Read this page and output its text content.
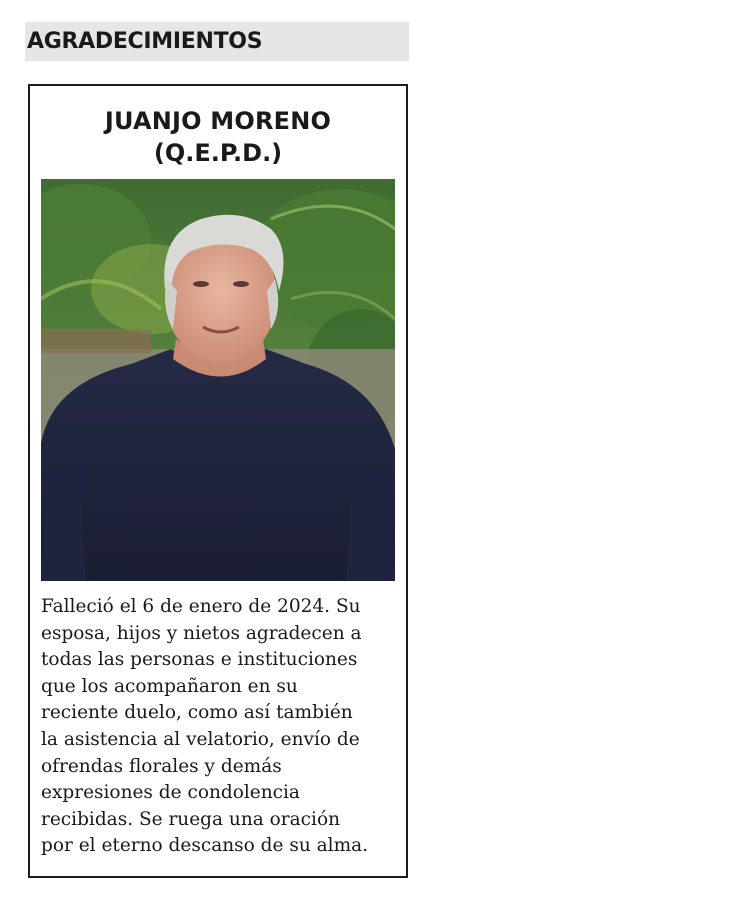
AGRADECIMIENTOS
JUANJO MORENO
(Q.E.P.D.)

Falleció el 6 de enero de 2024. Su
esposa, hijos y nietos agradecen a
todas las personas e instituciones
que los acompañaron en su
reciente duelo, como así también
la asistencia al velatorio, envío de
ofrendas florales y demás
expresiones de condolencia
recibidas. Se ruega una oración
por el eterno descanso de su alma.
